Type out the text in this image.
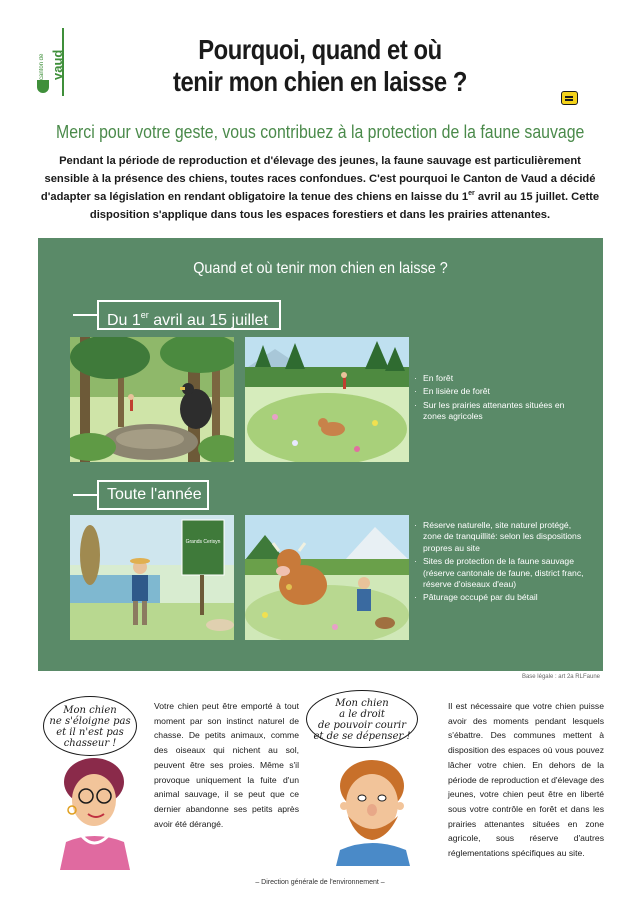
canton de vaud	Pourquoi, quand et où
tenir mon chien en laisse ?
Merci pour votre geste, vous contribuez à la protection de la faune sauvage
Pendant la période de reproduction et d'élevage des jeunes, la faune sauvage est particulièrement sensible à la présence des chiens, toutes races confondues. C'est pourquoi le Canton de Vaud a décidé d'adapter sa législation en rendant obligatoire la tenue des chiens en laisse du 1er avril au 15 juillet. Cette disposition s'applique dans tous les espaces forestiers et dans les prairies attenantes.
Quand et où tenir mon chien en laisse ?
Du 1er avril au 15 juillet
· En forêt
· En lisière de forêt
· Sur les prairies attenantes situées en zones agricoles
Toute l'année
Grands Cerisyn
· Réserve naturelle, site naturel protégé, zone de tranquillité: selon les dispositions propres au site
· Sites de protection de la faune sauvage (réserve cantonale de faune, district franc, réserve d'oiseaux d'eau)
· Pâturage occupé par du bétail
Base légale : art 2a RLFaune
Mon chien
ne s'éloigne pas
et il n'est pas
chasseur !
Votre chien peut être emporté à tout moment par son instinct naturel de chasse. De petits animaux, comme des oiseaux qui nichent au sol, peuvent être ses proies. Même s'il provoque uniquement la fuite d'un animal sauvage, il se peut que ce dernier abandonne ses petits après avoir été dérangé.
Mon chien
a le droit
de pouvoir courir
et de se dépenser !
Il est nécessaire que votre chien puisse avoir des moments pendant lesquels s'ébattre. Des communes mettent à disposition des espaces où vous pouvez lâcher votre chien. En dehors de la période de reproduction et d'élevage des jeunes, votre chien peut être en liberté sous votre contrôle en forêt et dans les prairies attenantes situées en zone agricole, sous réserve d'autres réglementations spécifiques au site.
– Direction générale de l'environnement –
